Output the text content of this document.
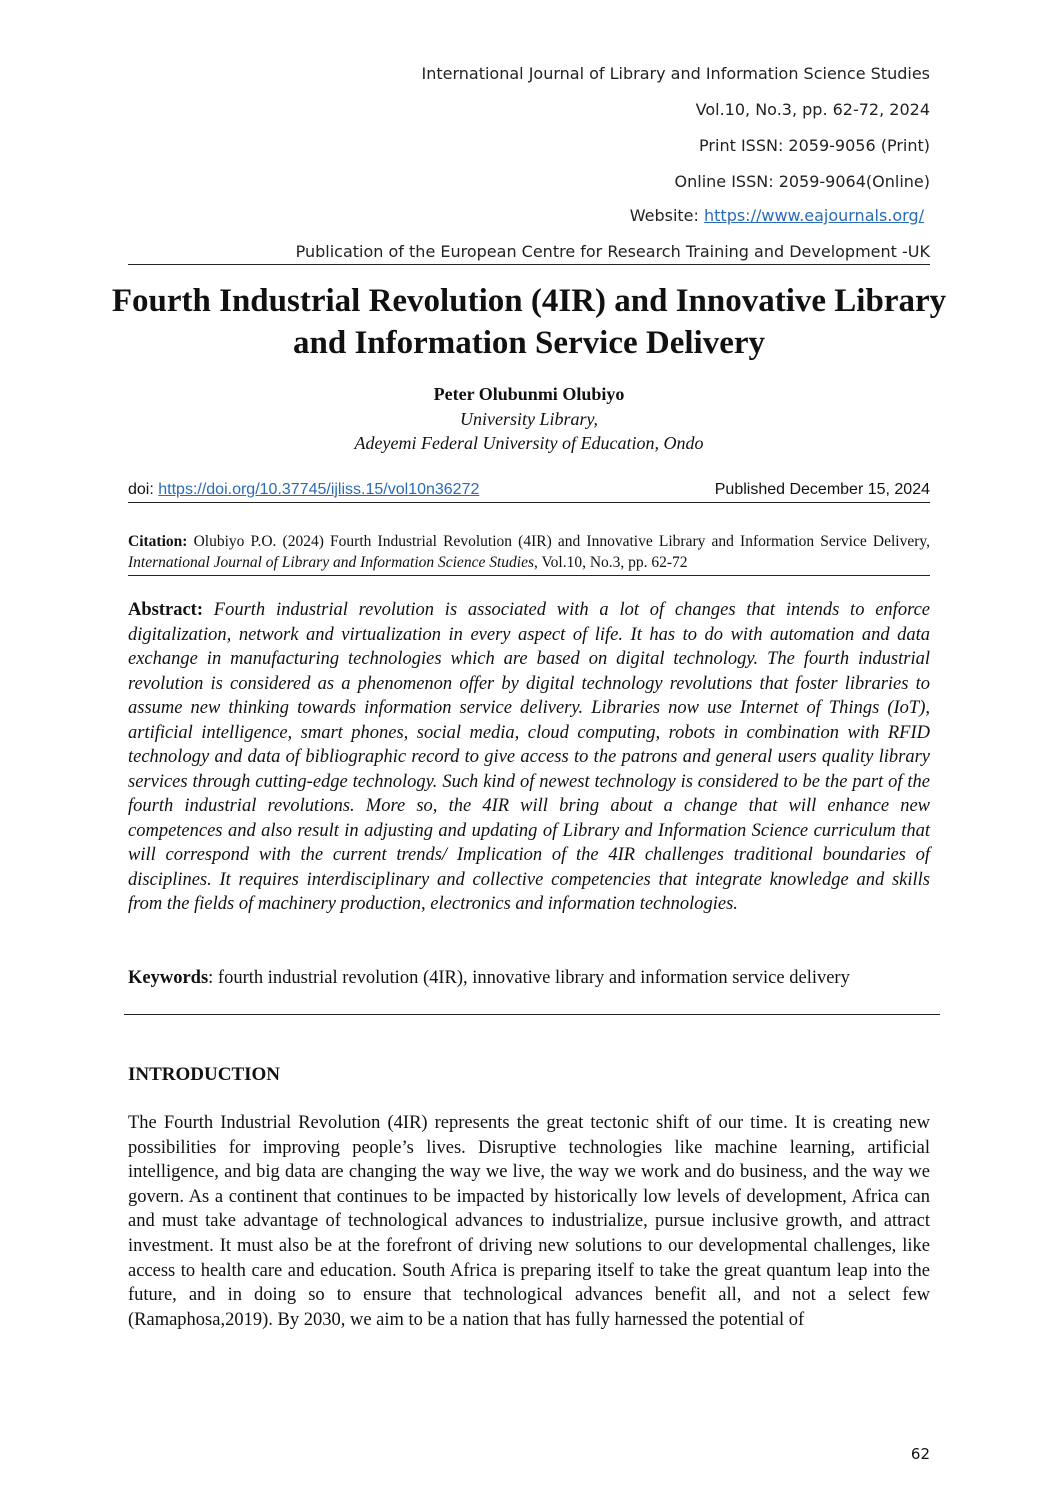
International Journal of Library and Information Science Studies
Vol.10, No.3, pp. 62-72, 2024
Print ISSN: 2059-9056 (Print)
Online ISSN: 2059-9064(Online)
Website: https://www.eajournals.org/
Publication of the European Centre for Research Training and Development -UK
Fourth Industrial Revolution (4IR) and Innovative Library and Information Service Delivery
Peter Olubunmi Olubiyo
University Library,
Adeyemi Federal University of Education, Ondo
doi: https://doi.org/10.37745/ijliss.15/vol10n36272	Published December 15, 2024
Citation: Olubiyo P.O. (2024) Fourth Industrial Revolution (4IR) and Innovative Library and Information Service Delivery, International Journal of Library and Information Science Studies, Vol.10, No.3, pp. 62-72
Abstract: Fourth industrial revolution is associated with a lot of changes that intends to enforce digitalization, network and virtualization in every aspect of life. It has to do with automation and data exchange in manufacturing technologies which are based on digital technology. The fourth industrial revolution is considered as a phenomenon offer by digital technology revolutions that foster libraries to assume new thinking towards information service delivery. Libraries now use Internet of Things (IoT), artificial intelligence, smart phones, social media, cloud computing, robots in combination with RFID technology and data of bibliographic record to give access to the patrons and general users quality library services through cutting-edge technology. Such kind of newest technology is considered to be the part of the fourth industrial revolutions. More so, the 4IR will bring about a change that will enhance new competences and also result in adjusting and updating of Library and Information Science curriculum that will correspond with the current trends/ Implication of the 4IR challenges traditional boundaries of disciplines. It requires interdisciplinary and collective competencies that integrate knowledge and skills from the fields of machinery production, electronics and information technologies.
Keywords: fourth industrial revolution (4IR), innovative library and information service delivery
INTRODUCTION
The Fourth Industrial Revolution (4IR) represents the great tectonic shift of our time. It is creating new possibilities for improving people’s lives. Disruptive technologies like machine learning, artificial intelligence, and big data are changing the way we live, the way we work and do business, and the way we govern. As a continent that continues to be impacted by historically low levels of development, Africa can and must take advantage of technological advances to industrialize, pursue inclusive growth, and attract investment. It must also be at the forefront of driving new solutions to our developmental challenges, like access to health care and education. South Africa is preparing itself to take the great quantum leap into the future, and in doing so to ensure that technological advances benefit all, and not a select few (Ramaphosa,2019). By 2030, we aim to be a nation that has fully harnessed the potential of
62
